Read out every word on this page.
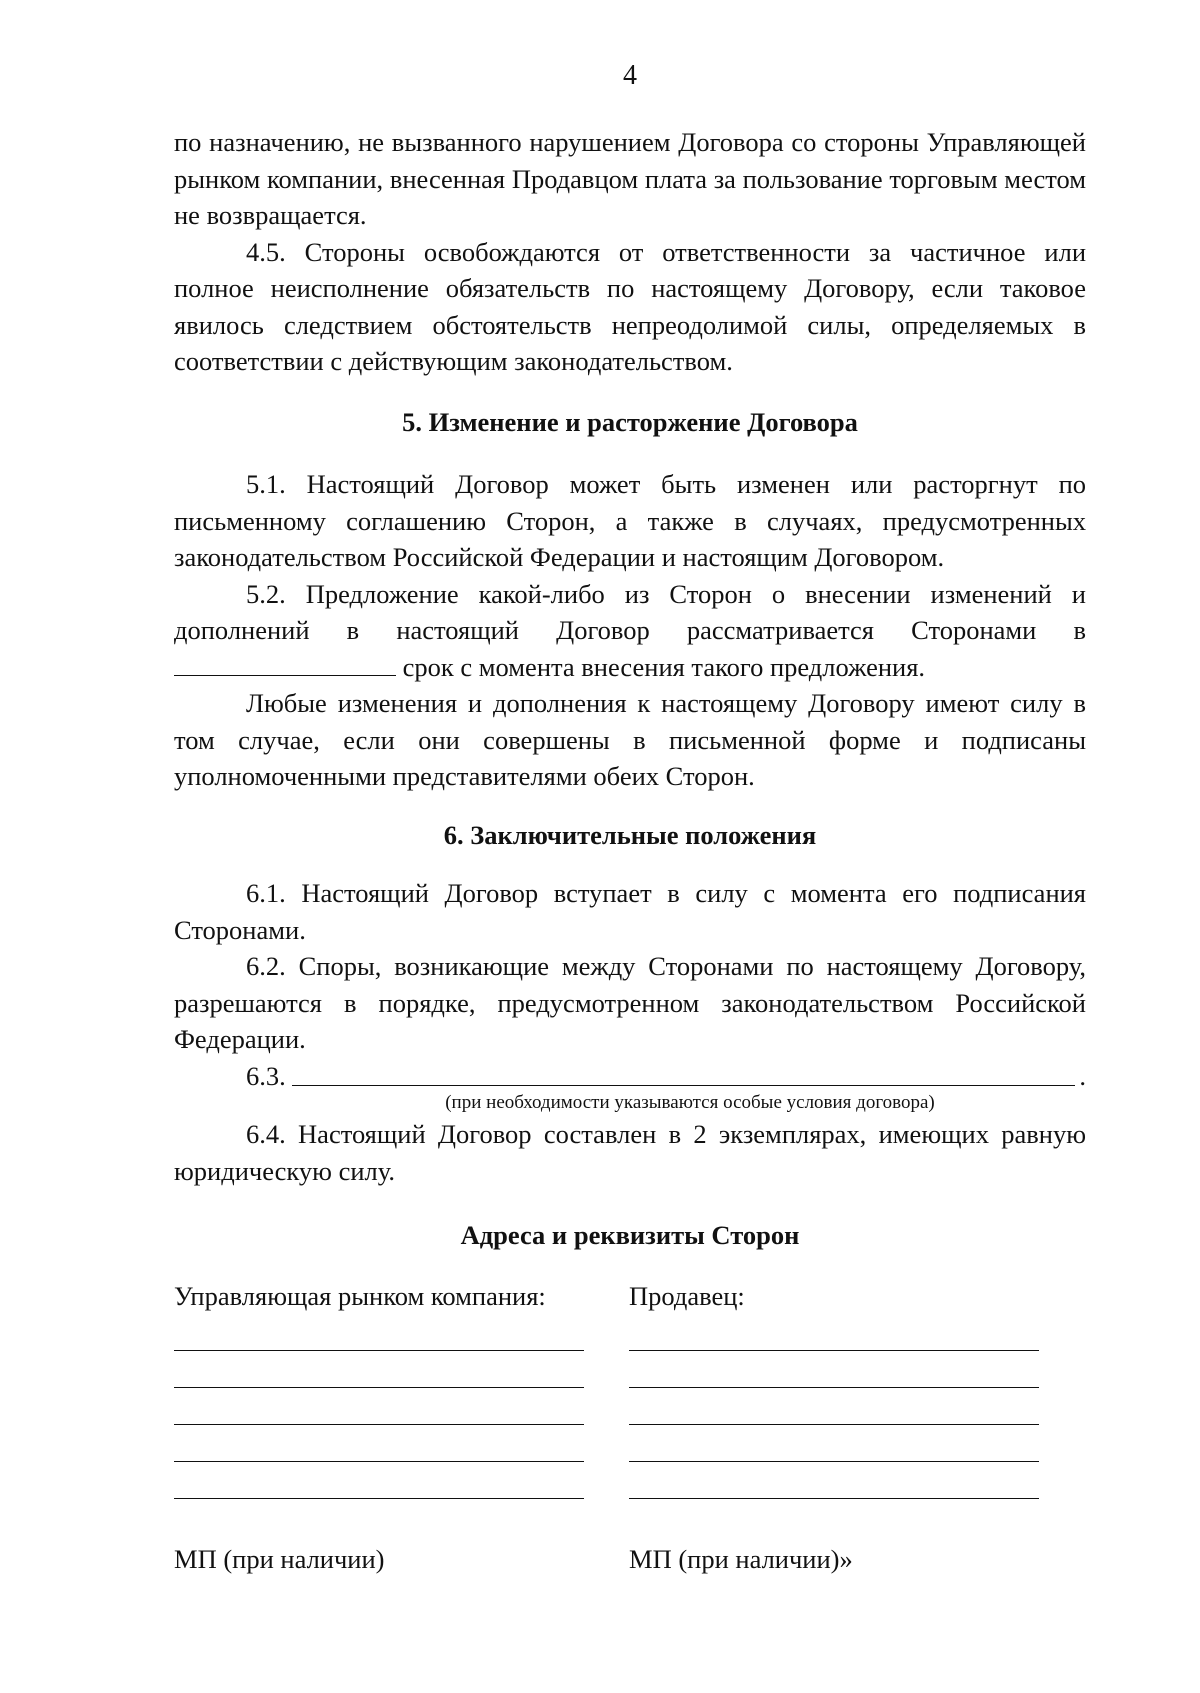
4

по назначению, не вызванного нарушением Договора со стороны Управляющей рынком компании, внесенная Продавцом плата за пользование торговым местом не возвращается.

4.5. Стороны освобождаются от ответственности за частичное или полное неисполнение обязательств по настоящему Договору, если таковое явилось следствием обстоятельств непреодолимой силы, определяемых в соответствии с действующим законодательством.

5. Изменение и расторжение Договора

5.1. Настоящий Договор может быть изменен или расторгнут по письменному соглашению Сторон, а также в случаях, предусмотренных законодательством Российской Федерации и настоящим Договором.

5.2. Предложение какой-либо из Сторон о внесении изменений и дополнений в настоящий Договор рассматривается Сторонами в  срок с момента внесения такого предложения.

Любые изменения и дополнения к настоящему Договору имеют силу в том случае, если они совершены в письменной форме и подписаны уполномоченными представителями обеих Сторон.

6. Заключительные положения

6.1. Настоящий Договор вступает в силу с момента его подписания Сторонами.

6.2. Споры, возникающие между Сторонами по настоящему Договору, разрешаются в порядке, предусмотренном законодательством Российской Федерации.

6.3.	.
(при необходимости указываются особые условия договора)

6.4. Настоящий Договор составлен в 2 экземплярах, имеющих равную юридическую силу.

Адреса и реквизиты Сторон
Управляющая рынком компания:
МП (при наличии)
Продавец:
МП (при наличии)»
